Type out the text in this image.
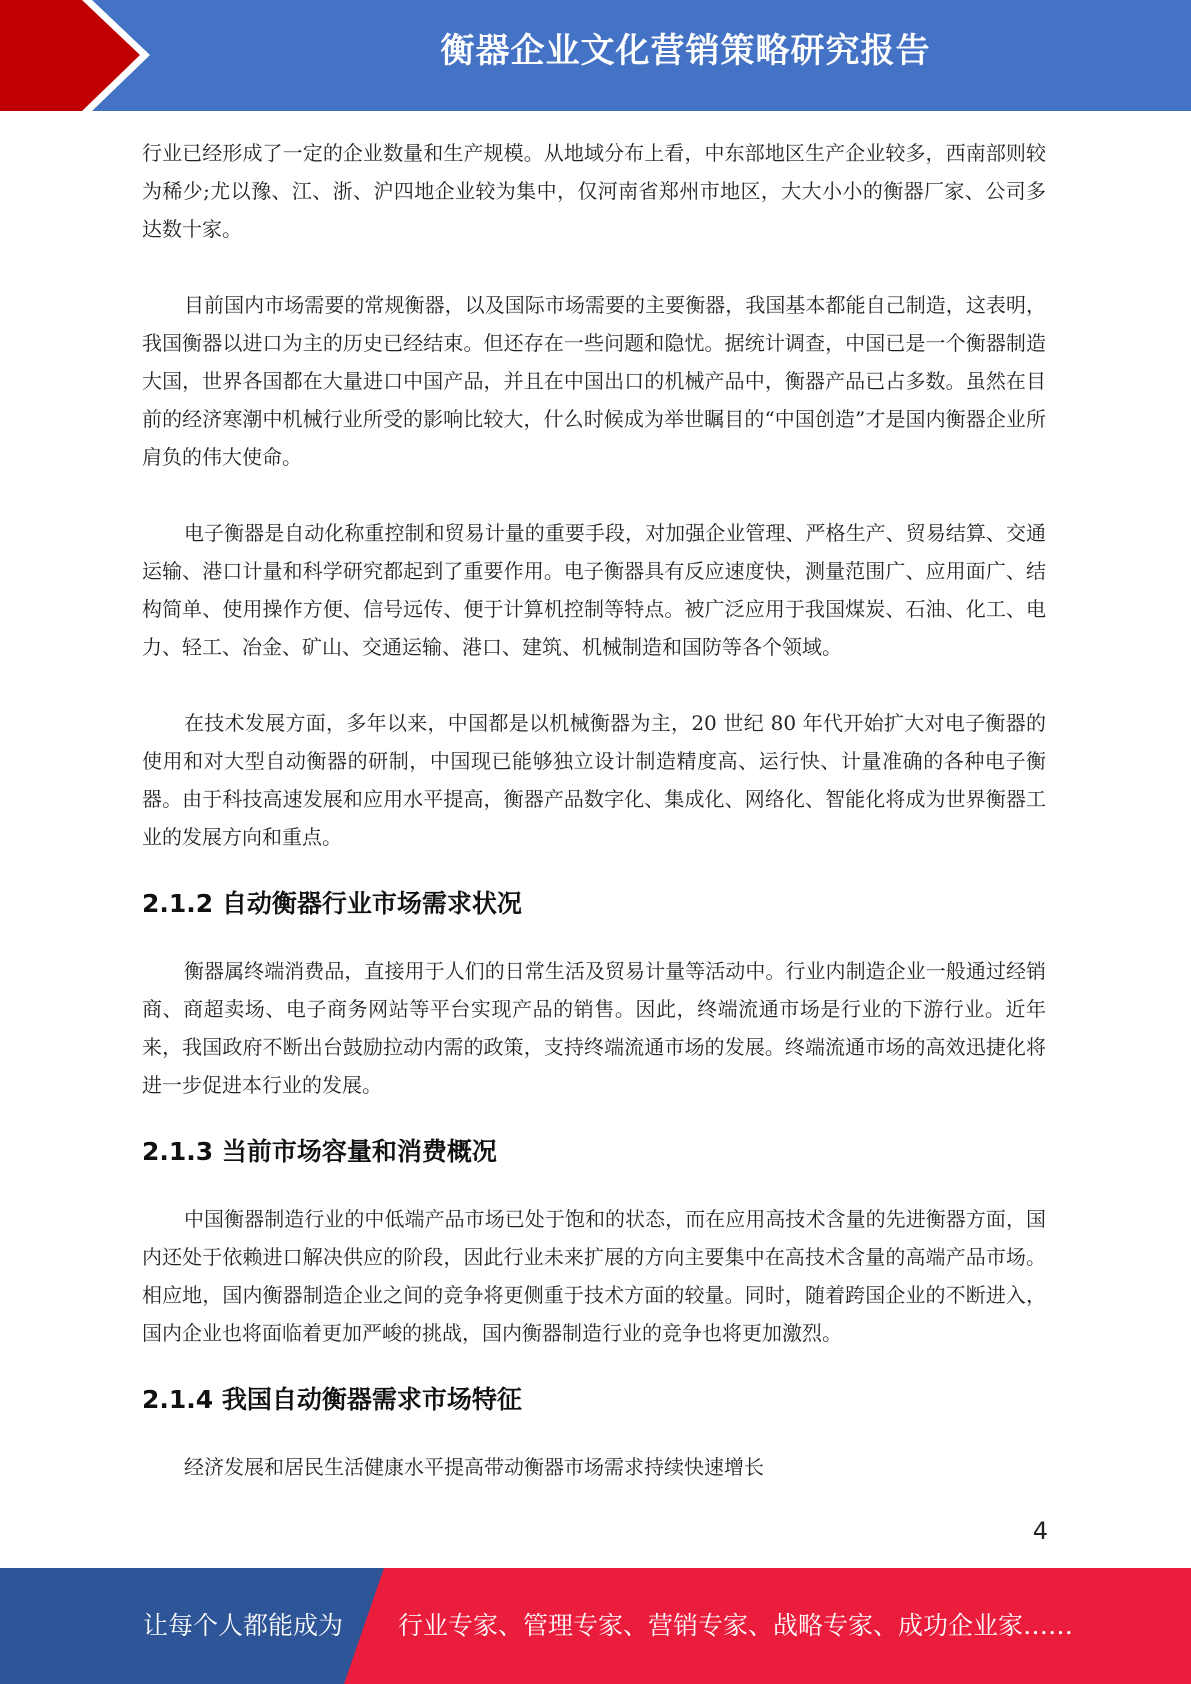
衡器企业文化营销策略研究报告

行业已经形成了一定的企业数量和生产规模。从地域分布上看，中东部地区生产企业较多，西南部则较为稀少;尤以豫、江、浙、沪四地企业较为集中，仅河南省郑州市地区，大大小小的衡器厂家、公司多达数十家。

目前国内市场需要的常规衡器，以及国际市场需要的主要衡器，我国基本都能自己制造，这表明，我国衡器以进口为主的历史已经结束。但还存在一些问题和隐忧。据统计调查，中国已是一个衡器制造大国，世界各国都在大量进口中国产品，并且在中国出口的机械产品中，衡器产品已占多数。虽然在目前的经济寒潮中机械行业所受的影响比较大，什么时候成为举世瞩目的“中国创造”才是国内衡器企业所肩负的伟大使命。

电子衡器是自动化称重控制和贸易计量的重要手段，对加强企业管理、严格生产、贸易结算、交通运输、港口计量和科学研究都起到了重要作用。电子衡器具有反应速度快，测量范围广、应用面广、结构简单、使用操作方便、信号远传、便于计算机控制等特点。被广泛应用于我国煤炭、石油、化工、电力、轻工、冶金、矿山、交通运输、港口、建筑、机械制造和国防等各个领域。

在技术发展方面，多年以来，中国都是以机械衡器为主，20 世纪 80 年代开始扩大对电子衡器的使用和对大型自动衡器的研制，中国现已能够独立设计制造精度高、运行快、计量准确的各种电子衡器。由于科技高速发展和应用水平提高，衡器产品数字化、集成化、网络化、智能化将成为世界衡器工业的发展方向和重点。

2.1.2 自动衡器行业市场需求状况

衡器属终端消费品，直接用于人们的日常生活及贸易计量等活动中。行业内制造企业一般通过经销商、商超卖场、电子商务网站等平台实现产品的销售。因此，终端流通市场是行业的下游行业。近年来，我国政府不断出台鼓励拉动内需的政策，支持终端流通市场的发展。终端流通市场的高效迅捷化将进一步促进本行业的发展。

2.1.3 当前市场容量和消费概况

中国衡器制造行业的中低端产品市场已处于饱和的状态，而在应用高技术含量的先进衡器方面，国内还处于依赖进口解决供应的阶段，因此行业未来扩展的方向主要集中在高技术含量的高端产品市场。相应地，国内衡器制造企业之间的竞争将更侧重于技术方面的较量。同时，随着跨国企业的不断进入，国内企业也将面临着更加严峻的挑战，国内衡器制造行业的竞争也将更加激烈。

2.1.4 我国自动衡器需求市场特征

经济发展和居民生活健康水平提高带动衡器市场需求持续快速增长

4
让每个人都能成为 行业专家、管理专家、营销专家、战略专家、成功企业家……
